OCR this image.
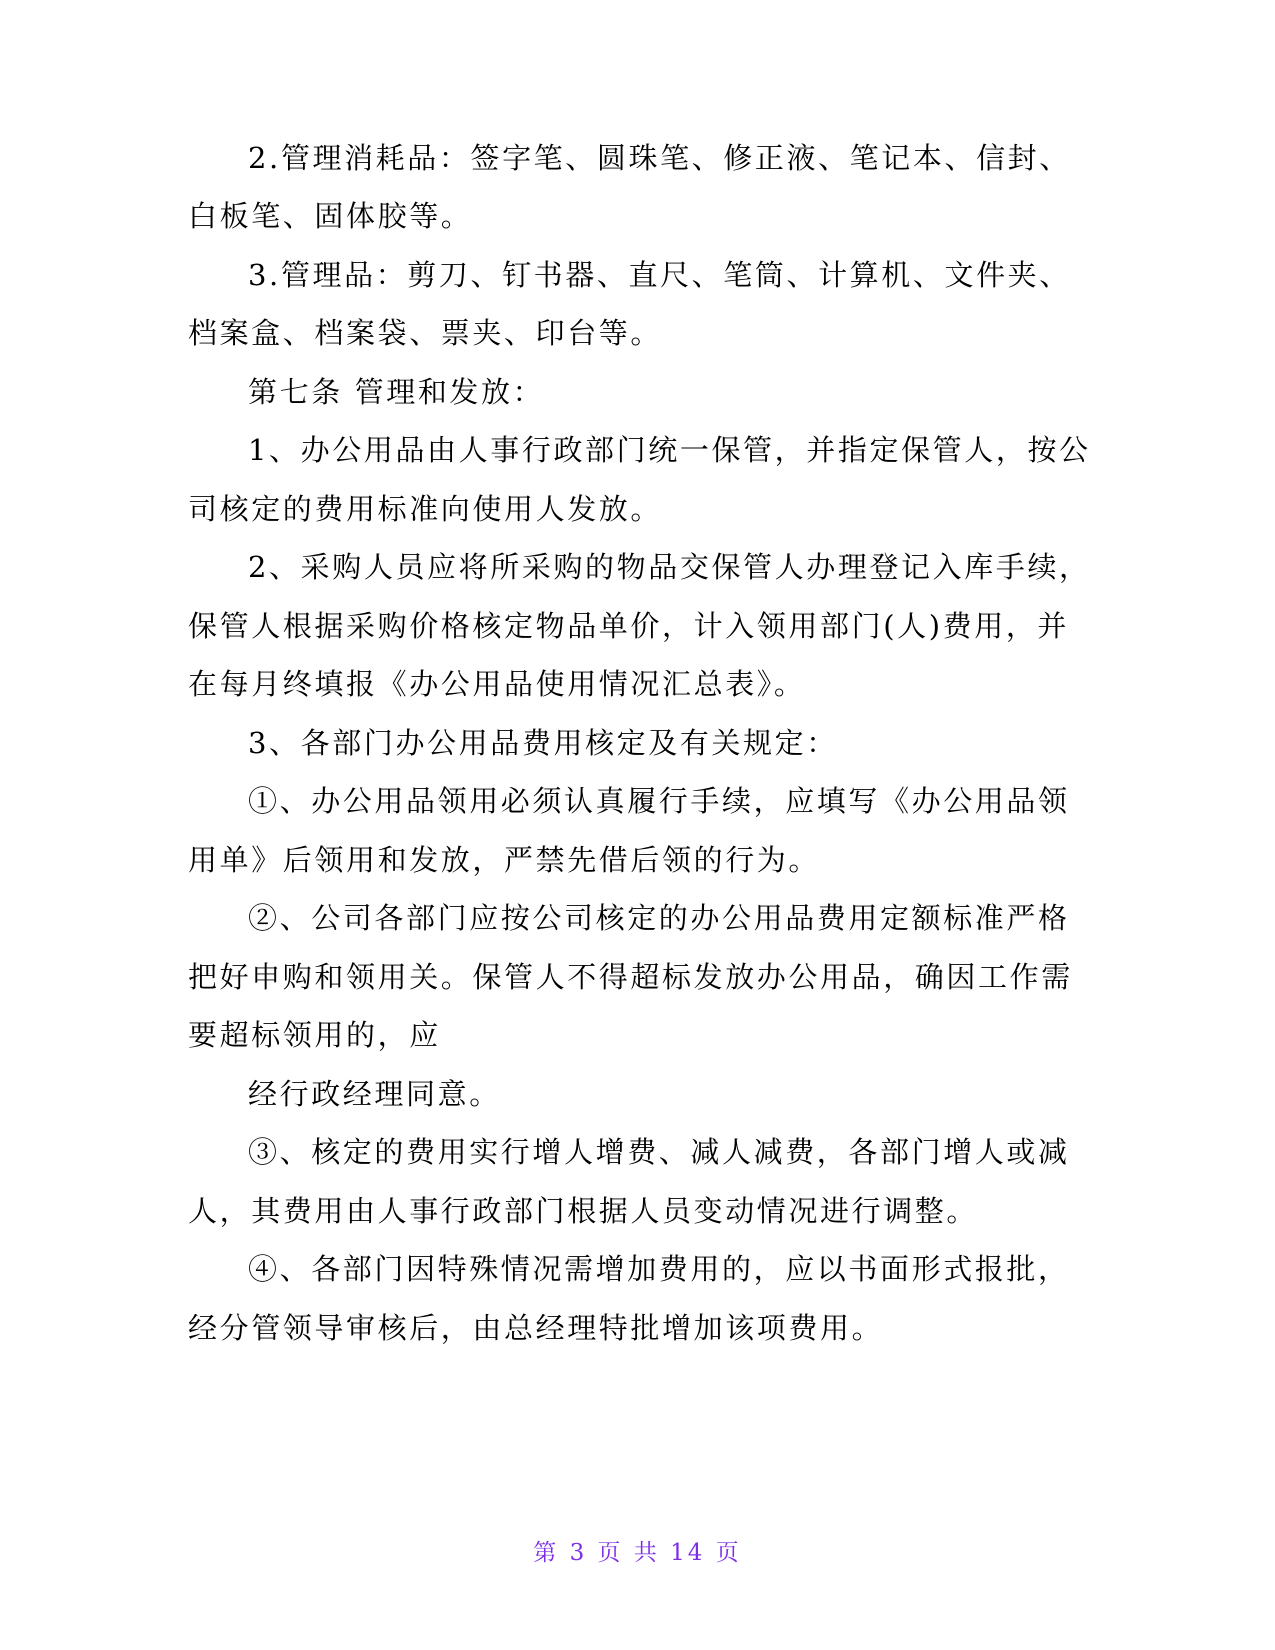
2.管理消耗品：签字笔、圆珠笔、修正液、笔记本、信封、
白板笔、固体胶等。
3.管理品：剪刀、钉书器、直尺、笔筒、计算机、文件夹、
档案盒、档案袋、票夹、印台等。
第七条 管理和发放：
1、办公用品由人事行政部门统一保管，并指定保管人，按公
司核定的费用标准向使用人发放。
2、采购人员应将所采购的物品交保管人办理登记入库手续，
保管人根据采购价格核定物品单价，计入领用部门(人)费用，并
在每月终填报《办公用品使用情况汇总表》。
3、各部门办公用品费用核定及有关规定：
①、办公用品领用必须认真履行手续，应填写《办公用品领
用单》后领用和发放，严禁先借后领的行为。
②、公司各部门应按公司核定的办公用品费用定额标准严格
把好申购和领用关。保管人不得超标发放办公用品，确因工作需
要超标领用的，应
经行政经理同意。
③、核定的费用实行增人增费、减人减费，各部门增人或减
人，其费用由人事行政部门根据人员变动情况进行调整。
④、各部门因特殊情况需增加费用的，应以书面形式报批，
经分管领导审核后，由总经理特批增加该项费用。
第 3 页 共 14 页
